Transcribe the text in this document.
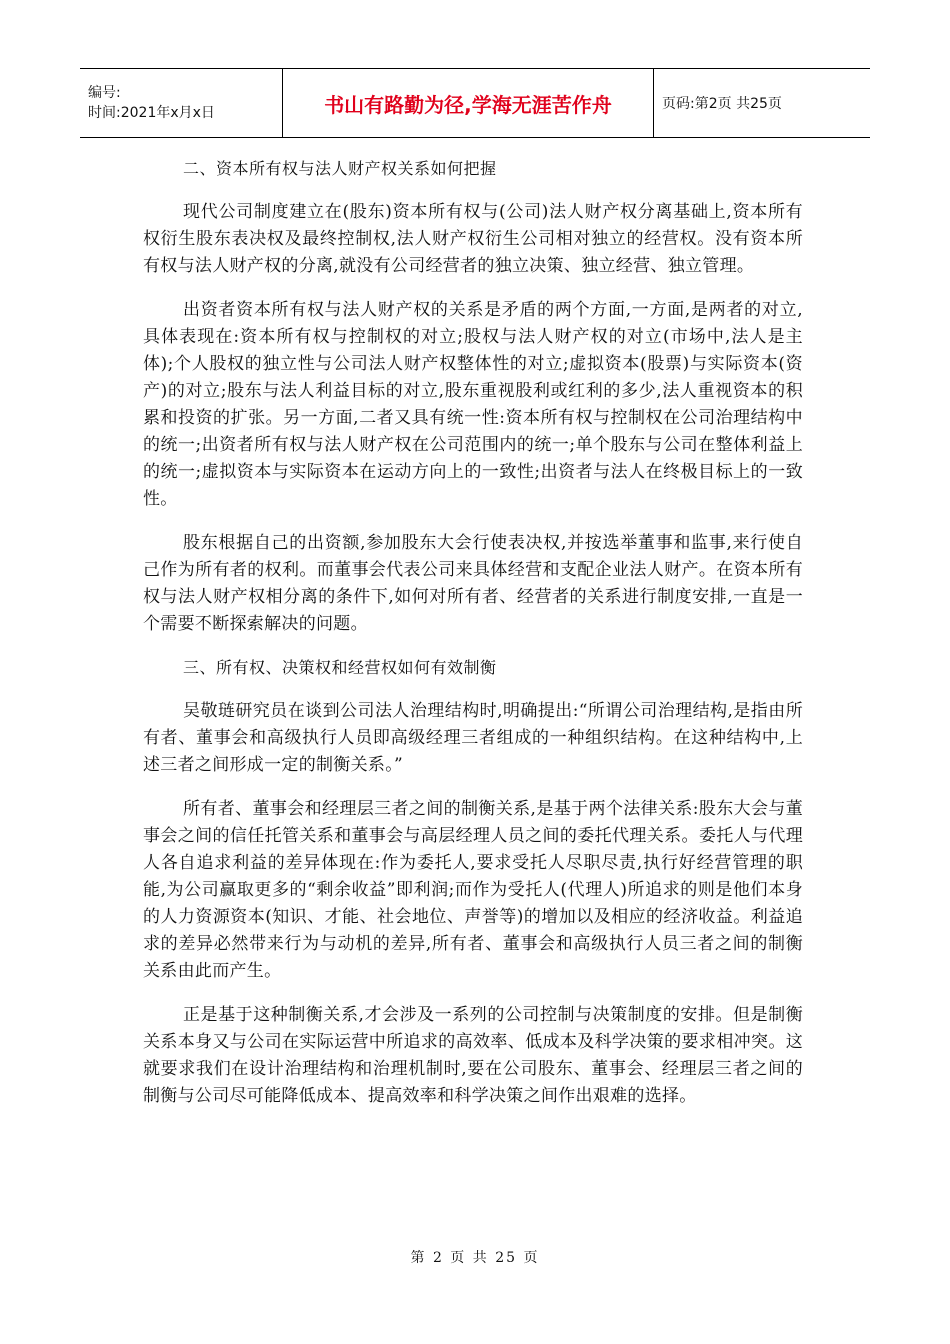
编号:
时间:2021年x月x日	书山有路勤为径,学海无涯苦作舟	页码:第2页 共25页

二、资本所有权与法人财产权关系如何把握

现代公司制度建立在(股东)资本所有权与(公司)法人财产权分离基础上,资本所有权衍生股东表决权及最终控制权,法人财产权衍生公司相对独立的经营权。没有资本所有权与法人财产权的分离,就没有公司经营者的独立决策、独立经营、独立管理。

出资者资本所有权与法人财产权的关系是矛盾的两个方面,一方面,是两者的对立,具体表现在:资本所有权与控制权的对立;股权与法人财产权的对立(市场中,法人是主体);个人股权的独立性与公司法人财产权整体性的对立;虚拟资本(股票)与实际资本(资产)的对立;股东与法人利益目标的对立,股东重视股利或红利的多少,法人重视资本的积累和投资的扩张。另一方面,二者又具有统一性:资本所有权与控制权在公司治理结构中的统一;出资者所有权与法人财产权在公司范围内的统一;单个股东与公司在整体利益上的统一;虚拟资本与实际资本在运动方向上的一致性;出资者与法人在终极目标上的一致性。

股东根据自己的出资额,参加股东大会行使表决权,并按选举董事和监事,来行使自己作为所有者的权利。而董事会代表公司来具体经营和支配企业法人财产。在资本所有权与法人财产权相分离的条件下,如何对所有者、经营者的关系进行制度安排,一直是一个需要不断探索解决的问题。

三、所有权、决策权和经营权如何有效制衡

吴敬琏研究员在谈到公司法人治理结构时,明确提出:“所谓公司治理结构,是指由所有者、董事会和高级执行人员即高级经理三者组成的一种组织结构。在这种结构中,上述三者之间形成一定的制衡关系。”

所有者、董事会和经理层三者之间的制衡关系,是基于两个法律关系:股东大会与董事会之间的信任托管关系和董事会与高层经理人员之间的委托代理关系。委托人与代理人各自追求利益的差异体现在:作为委托人,要求受托人尽职尽责,执行好经营管理的职能,为公司赢取更多的“剩余收益”即利润;而作为受托人(代理人)所追求的则是他们本身的人力资源资本(知识、才能、社会地位、声誉等)的增加以及相应的经济收益。利益追求的差异必然带来行为与动机的差异,所有者、董事会和高级执行人员三者之间的制衡关系由此而产生。

正是基于这种制衡关系,才会涉及一系列的公司控制与决策制度的安排。但是制衡关系本身又与公司在实际运营中所追求的高效率、低成本及科学决策的要求相冲突。这就要求我们在设计治理结构和治理机制时,要在公司股东、董事会、经理层三者之间的制衡与公司尽可能降低成本、提高效率和科学决策之间作出艰难的选择。

第 2 页 共 25 页
